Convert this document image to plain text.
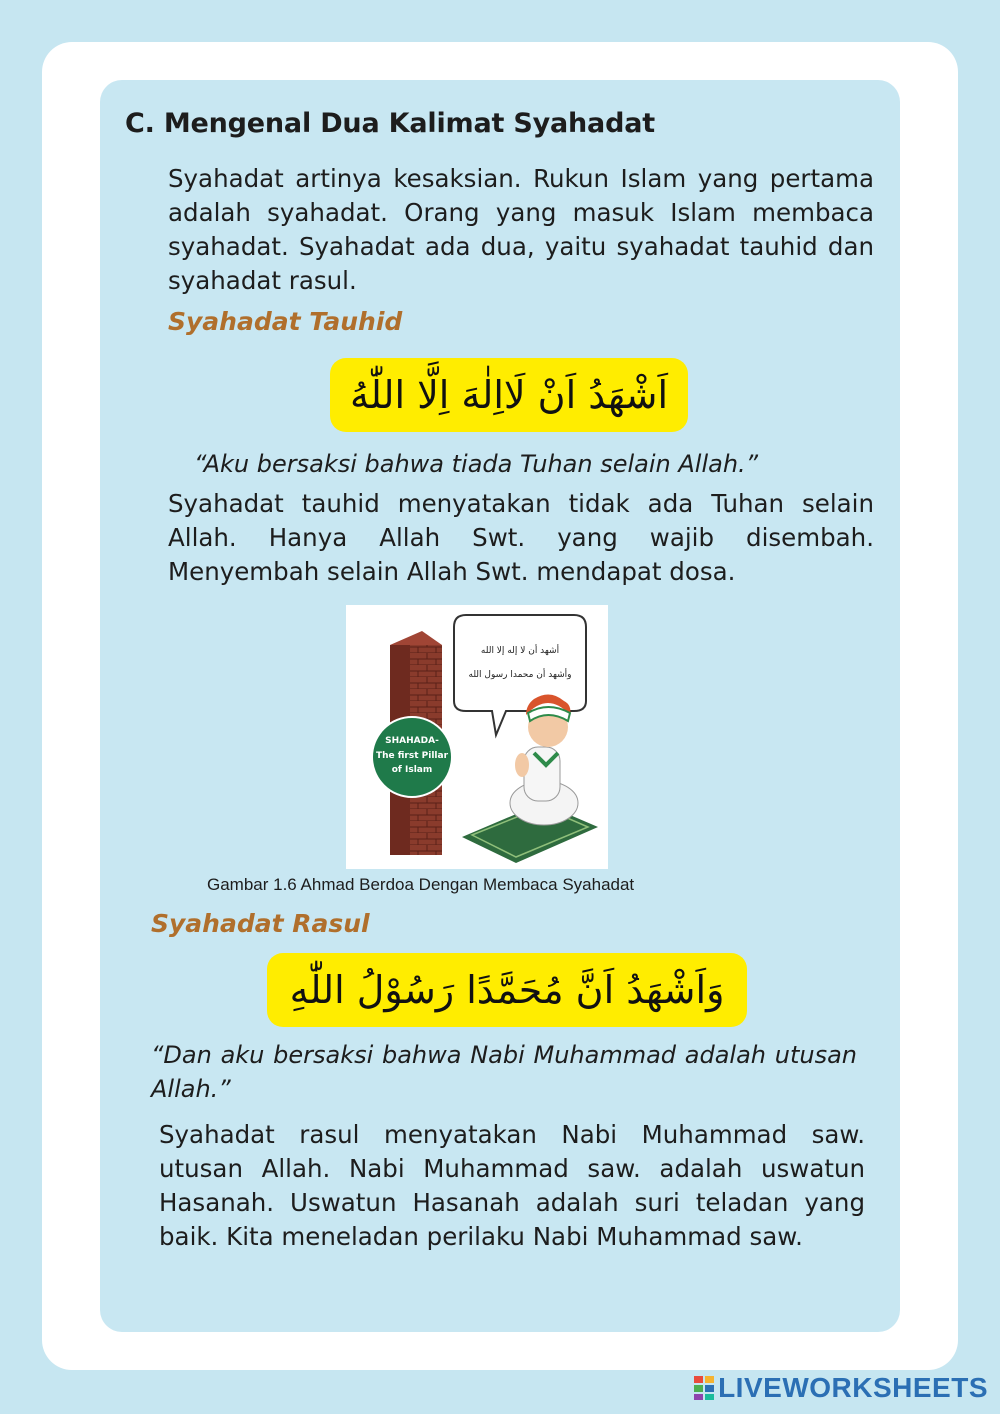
C. Mengenal Dua Kalimat Syahadat
Syahadat artinya kesaksian. Rukun Islam yang pertama adalah syahadat. Orang yang masuk Islam membaca syahadat. Syahadat ada dua, yaitu syahadat tauhid dan syahadat rasul.
Syahadat Tauhid
اَشْهَدُ اَنْ لَااِلٰهَ اِلَّا اللّٰهُ
“Aku bersaksi bahwa tiada Tuhan selain Allah.”
Syahadat tauhid menyatakan tidak ada Tuhan selain Allah. Hanya Allah Swt. yang wajib disembah. Menyembah selain Allah Swt. mendapat dosa.
SHAHADA-
The first Pillar
of Islam
أشهد أن لا إله إلا الله
وأشهد أن محمدا رسول الله
Gambar 1.6 Ahmad Berdoa Dengan Membaca Syahadat
Syahadat Rasul
وَاَشْهَدُ اَنَّ مُحَمَّدًا رَسُوْلُ اللّٰهِ
“Dan aku bersaksi bahwa Nabi Muhammad adalah utusan Allah.”
Syahadat rasul menyatakan Nabi Muhammad saw. utusan Allah. Nabi Muhammad saw. adalah uswatun Hasanah. Uswatun Hasanah adalah suri teladan yang baik. Kita meneladan perilaku Nabi Muhammad saw.
LIVEWORKSHEETS
